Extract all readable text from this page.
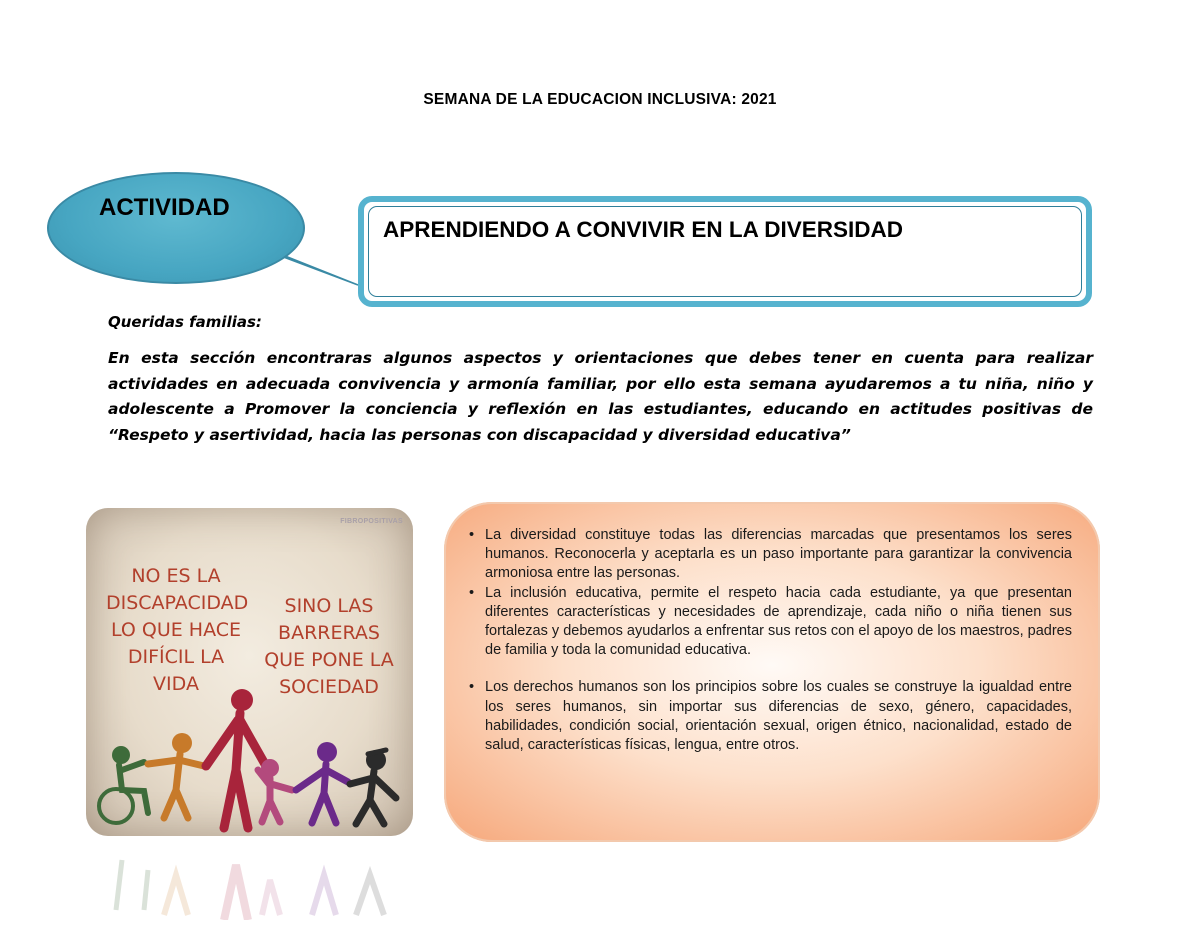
SEMANA DE LA EDUCACION INCLUSIVA: 2021
ACTIVIDAD
APRENDIENDO A CONVIVIR EN LA DIVERSIDAD
Queridas familias:

En esta sección encontraras algunos aspectos y orientaciones que debes tener en cuenta para realizar actividades en adecuada convivencia y armonía familiar, por ello esta semana ayudaremos a tu niña, niño y adolescente a Promover la conciencia y reflexión en las estudiantes, educando en actitudes positivas de “Respeto y asertividad, hacia las personas con discapacidad y diversidad educativa”

FIBROPOSITIVAS
NO ES LA
DISCAPACIDAD
LO QUE HACE
DIFÍCIL LA
VIDA
SINO LAS
BARRERAS
QUE PONE LA
SOCIEDAD
• La diversidad constituye todas las diferencias marcadas que presentamos los seres humanos. Reconocerla y aceptarla es un paso importante para garantizar la convivencia armoniosa entre las personas.
• La inclusión educativa, permite el respeto hacia cada estudiante, ya que presentan diferentes características y necesidades de aprendizaje, cada niño o niña tienen sus fortalezas y debemos ayudarlos a enfrentar sus retos con el apoyo de los maestros, padres de familia y toda la comunidad educativa.
• Los derechos humanos son los principios sobre los cuales se construye la igualdad entre los seres humanos, sin importar sus diferencias de sexo, género, capacidades, habilidades, condición social, orientación sexual, origen étnico, nacionalidad, estado de salud, características físicas, lengua, entre otros.
